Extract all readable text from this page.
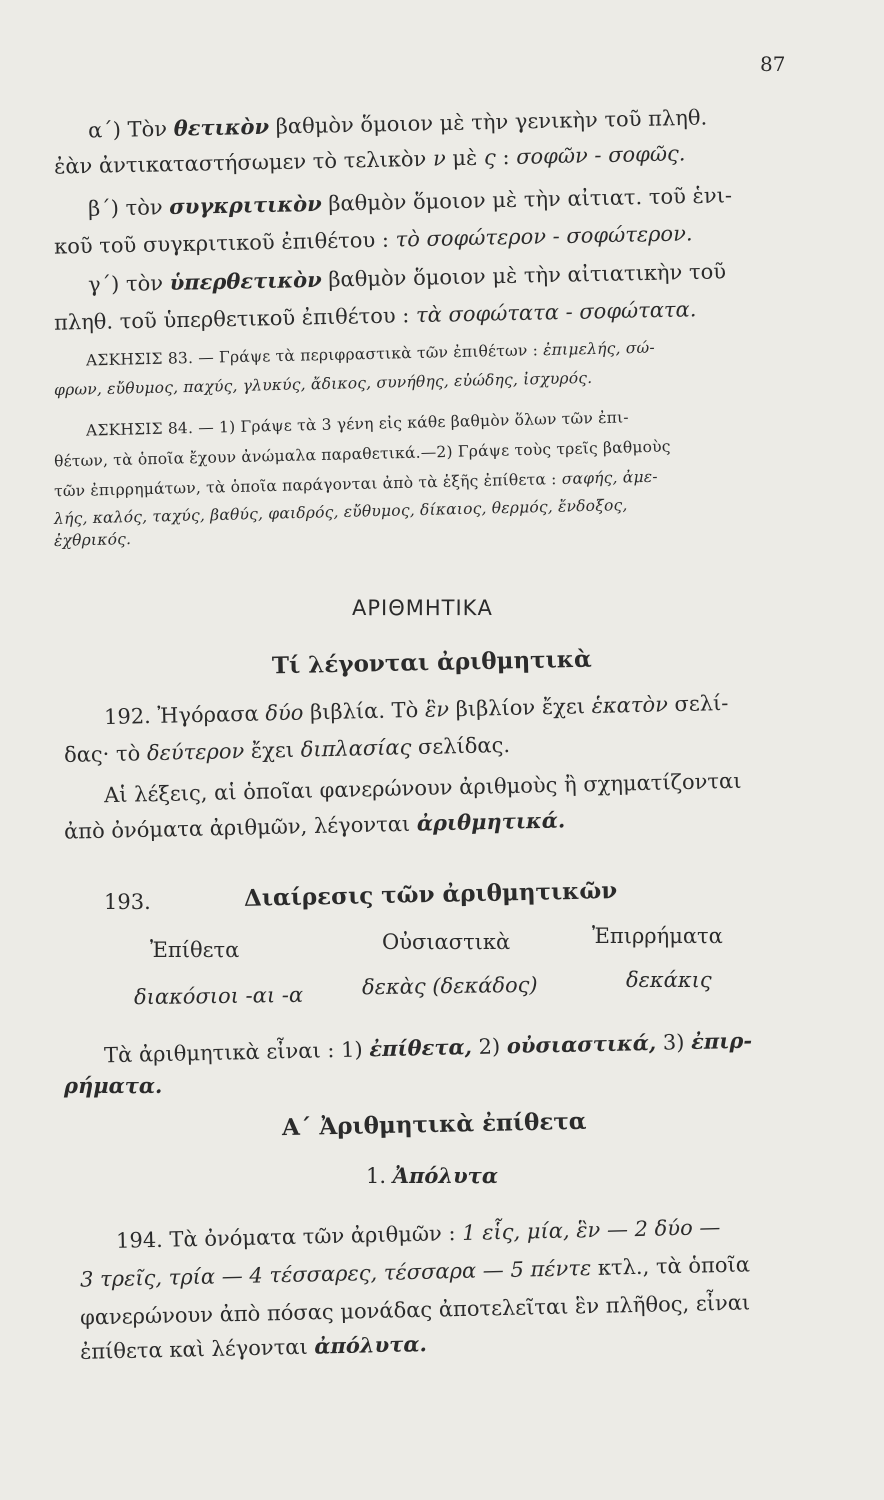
87
α΄) Τὸν θετικὸν βαθμὸν ὅμοιον μὲ τὴν γενικὴν τοῦ πληθ.
ἐὰν ἀντικαταστήσωμεν τὸ τελικὸν ν μὲ ς : σοφῶν - σοφῶς.
β΄) τὸν συγκριτικὸν βαθμὸν ὅμοιον μὲ τὴν αἰτιατ. τοῦ ἑνι-
κοῦ τοῦ συγκριτικοῦ ἐπιθέτου : τὸ σοφώτερον - σοφώτερον.
γ΄) τὸν ὑπερθετικὸν βαθμὸν ὅμοιον μὲ τὴν αἰτιατικὴν τοῦ
πληθ. τοῦ ὑπερθετικοῦ ἐπιθέτου : τὰ σοφώτατα - σοφώτατα.
ΑΣΚΗΣΙΣ 83. — Γράψε τὰ περιφραστικὰ τῶν ἐπιθέτων : ἐπιμελής, σώ-
φρων, εὔθυμος, παχύς, γλυκύς, ἄδικος, συνήθης, εὐώδης, ἰσχυρός.
ΑΣΚΗΣΙΣ 84. — 1) Γράψε τὰ 3 γένη εἰς κάθε βαθμὸν ὅλων τῶν ἐπι-
θέτων, τὰ ὁποῖα ἔχουν ἀνώμαλα παραθετικά.—2) Γράψε τοὺς τρεῖς βαθμοὺς
τῶν ἐπιρρημάτων, τὰ ὁποῖα παράγονται ἀπὸ τὰ ἑξῆς ἐπίθετα : σαφής, ἀμε-
λής, καλός, ταχύς, βαθύς, φαιδρός, εὔθυμος, δίκαιος, θερμός, ἔνδοξος,
ἐχθρικός.
ΑΡΙΘΜΗΤΙΚΑ
Τί λέγονται ἀριθμητικὰ
192. Ἠγόρασα δύο βιβλία. Τὸ ἓν βιβλίον ἔχει ἑκατὸν σελί-
δας· τὸ δεύτερον ἔχει διπλασίας σελίδας.
Αἱ λέξεις, αἱ ὁποῖαι φανερώνουν ἀριθμοὺς ἢ σχηματίζονται
ἀπὸ ὀνόματα ἀριθμῶν, λέγονται ἀριθμητικά.
193.	Διαίρεσις τῶν ἀριθμητικῶν
Ἐπίθετα	Οὐσιαστικὰ	Ἐπιρρήματα
διακόσιοι -αι -α	δεκὰς (δεκάδος)	δεκάκις
Τὰ ἀριθμητικὰ εἶναι : 1) ἐπίθετα, 2) οὐσιαστικά, 3) ἐπιρ-
ρήματα.
Α΄ Ἀριθμητικὰ ἐπίθετα
1. Ἀπόλυτα
194. Τὰ ὀνόματα τῶν ἀριθμῶν : 1 εἷς, μία, ἓν — 2 δύο —
3 τρεῖς, τρία — 4 τέσσαρες, τέσσαρα — 5 πέντε κτλ., τὰ ὁποῖα
φανερώνουν ἀπὸ πόσας μονάδας ἀποτελεῖται ἓν πλῆθος, εἶναι
ἐπίθετα καὶ λέγονται ἀπόλυτα.
